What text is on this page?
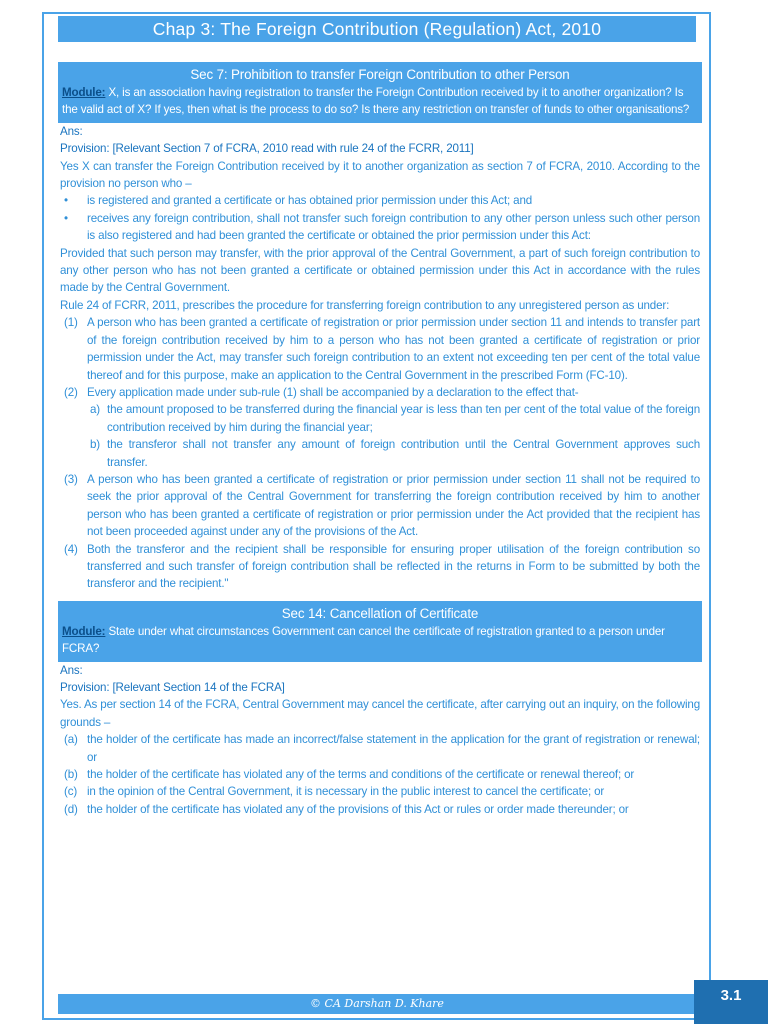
Chap 3: The Foreign Contribution (Regulation) Act, 2010
Sec 7: Prohibition to transfer Foreign Contribution to other Person
Module: X, is an association having registration to transfer the Foreign Contribution received by it to another organization? Is the valid act of X? If yes, then what is the process to do so? Is there any restriction on transfer of funds to other organisations?

Ans:

Provision: [Relevant Section 7 of FCRA, 2010 read with rule 24 of the FCRR, 2011]

Yes X can transfer the Foreign Contribution received by it to another organization as section 7 of FCRA, 2010. According to the provision no person who –

• is registered and granted a certificate or has obtained prior permission under this Act; and
• receives any foreign contribution, shall not transfer such foreign contribution to any other person unless such other person is also registered and had been granted the certificate or obtained the prior permission under this Act:

Provided that such person may transfer, with the prior approval of the Central Government, a part of such foreign contribution to any other person who has not been granted a certificate or obtained permission under this Act in accordance with the rules made by the Central Government.

Rule 24 of FCRR, 2011, prescribes the procedure for transferring foreign contribution to any unregistered person as under:

(1) A person who has been granted a certificate of registration or prior permission under section 11 and intends to transfer part of the foreign contribution received by him to a person who has not been granted a certificate of registration or prior permission under the Act, may transfer such foreign contribution to an extent not exceeding ten per cent of the total value thereof and for this purpose, make an application to the Central Government in the prescribed Form (FC-10).
(2) Every application made under sub-rule (1) shall be accompanied by a declaration to the effect that-
a) the amount proposed to be transferred during the financial year is less than ten per cent of the total value of the foreign contribution received by him during the financial year;
b) the transferor shall not transfer any amount of foreign contribution until the Central Government approves such transfer.
(3) A person who has been granted a certificate of registration or prior permission under section 11 shall not be required to seek the prior approval of the Central Government for transferring the foreign contribution received by him to another person who has been granted a certificate of registration or prior permission under the Act provided that the recipient has not been proceeded against under any of the provisions of the Act.
(4) Both the transferor and the recipient shall be responsible for ensuring proper utilisation of the foreign contribution so transferred and such transfer of foreign contribution shall be reflected in the returns in Form to be submitted by both the transferor and the recipient."
Sec 14: Cancellation of Certificate
Module: State under what circumstances Government can cancel the certificate of registration granted to a person under FCRA?

Ans:

Provision: [Relevant Section 14 of the FCRA]

Yes. As per section 14 of the FCRA, Central Government may cancel the certificate, after carrying out an inquiry, on the following grounds –

(a) the holder of the certificate has made an incorrect/false statement in the application for the grant of registration or renewal; or
(b) the holder of the certificate has violated any of the terms and conditions of the certificate or renewal thereof; or
(c) in the opinion of the Central Government, it is necessary in the public interest to cancel the certificate; or
(d) the holder of the certificate has violated any of the provisions of this Act or rules or order made thereunder; or
© CA Darshan D. Khare	3.1
